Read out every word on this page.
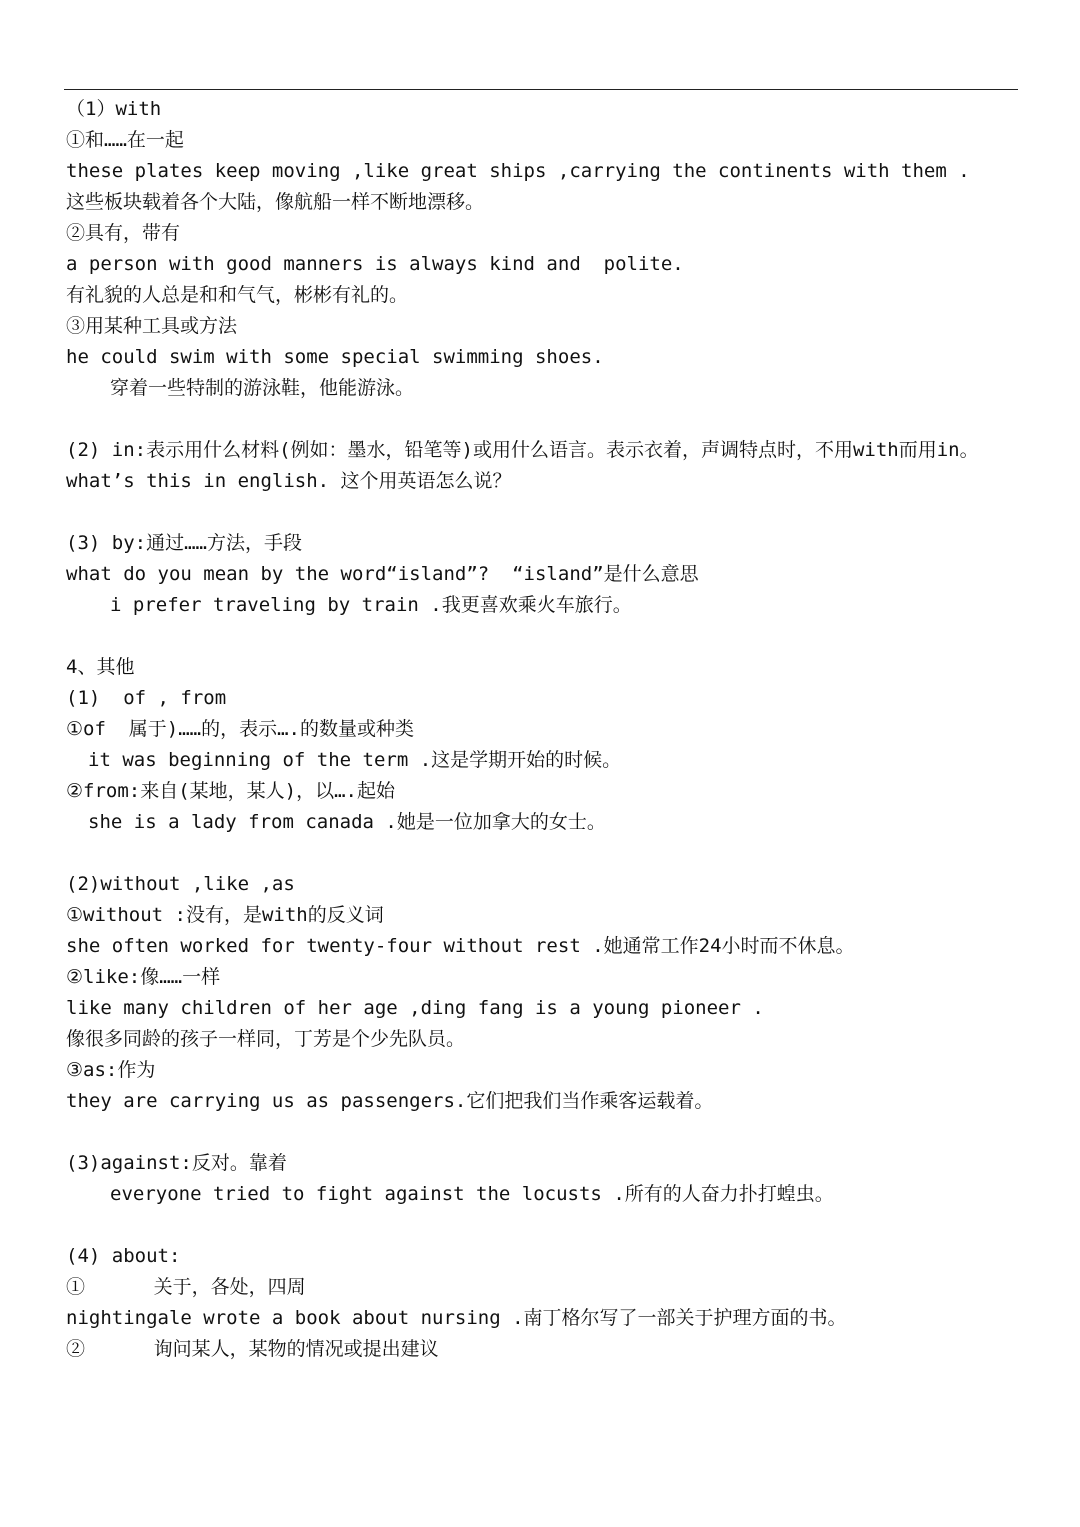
（1）with
①和……在一起
these plates keep moving ,like great ships ,carrying the continents with them .
这些板块载着各个大陆，像航船一样不断地漂移。
②具有，带有
a person with good manners is always kind and  polite.
有礼貌的人总是和和气气，彬彬有礼的。
③用某种工具或方法
he could swim with some special swimming shoes.
穿着一些特制的游泳鞋，他能游泳。
(2) in:表示用什么材料(例如：墨水，铅笔等)或用什么语言。表示衣着，声调特点时，不用with而用in。
what’s this in english. 这个用英语怎么说？
(3) by:通过……方法，手段
what do you mean by the word“island”?  “island”是什么意思
i prefer traveling by train .我更喜欢乘火车旅行。
4、其他
(1)  of , from
①of  属于)……的，表示….的数量或种类
it was beginning of the term .这是学期开始的时候。
②from:来自(某地，某人)，以….起始
she is a lady from canada .她是一位加拿大的女士。
(2)without ,like ,as
①without :没有，是with的反义词
she often worked for twenty-four without rest .她通常工作24小时而不休息。
②like:像……一样
like many children of her age ,ding fang is a young pioneer .
像很多同龄的孩子一样同，丁芳是个少先队员。
③as:作为
they are carrying us as passengers.它们把我们当作乘客运载着。
(3)against:反对。靠着
everyone tried to fight against the locusts .所有的人奋力扑打蝗虫。
(4) about:
①      关于，各处，四周
nightingale wrote a book about nursing .南丁格尔写了一部关于护理方面的书。
②      询问某人，某物的情况或提出建议
